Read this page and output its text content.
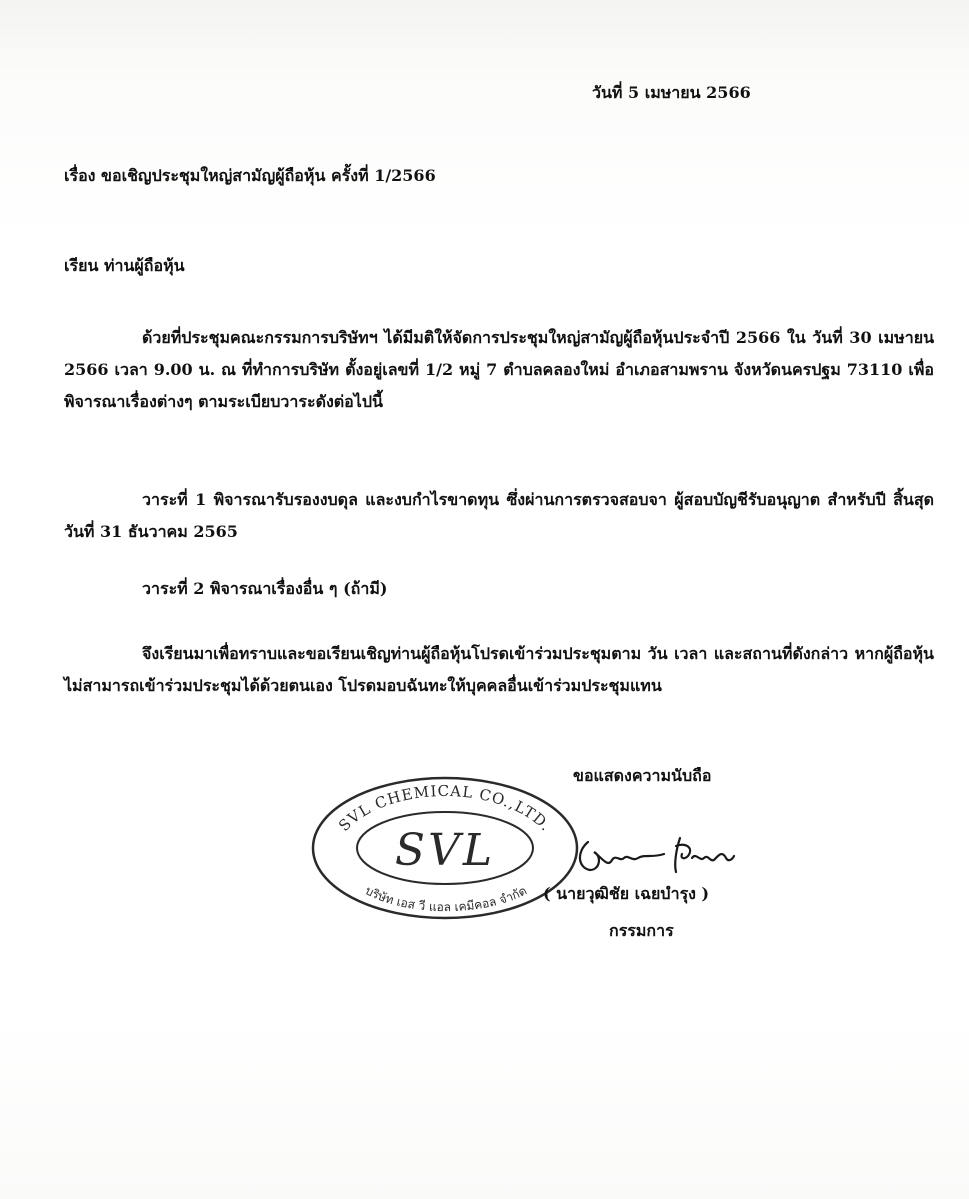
วันที่ 5 เมษายน 2566
เรื่อง ขอเชิญประชุมใหญ่สามัญผู้ถือหุ้น ครั้งที่ 1/2566
เรียน ท่านผู้ถือหุ้น
ด้วยที่ประชุมคณะกรรมการบริษัทฯ ได้มีมติให้จัดการประชุมใหญ่สามัญผู้ถือหุ้นประจำปี 2566 ใน วันที่ 30 เมษายน 2566 เวลา 9.00 น. ณ ที่ทำการบริษัท ตั้งอยู่เลขที่ 1/2 หมู่ 7 ตำบลคลองใหม่ อำเภอสามพราน จังหวัดนครปฐม 73110 เพื่อพิจารณาเรื่องต่างๆ ตามระเบียบวาระดังต่อไปนี้
วาระที่ 1 พิจารณารับรองงบดุล และงบกำไรขาดทุน ซึ่งผ่านการตรวจสอบจา ผู้สอบบัญชีรับอนุญาต สำหรับปี สิ้นสุดวันที่ 31 ธันวาคม 2565
วาระที่ 2 พิจารณาเรื่องอื่น ๆ (ถ้ามี)
จึงเรียนมาเพื่อทราบและขอเรียนเชิญท่านผู้ถือหุ้นโปรดเข้าร่วมประชุมตาม วัน เวลา และสถานที่ดังกล่าว หากผู้ถือหุ้นไม่สามารถเข้าร่วมประชุมได้ด้วยตนเอง โปรดมอบฉันทะให้บุคคลอื่นเข้าร่วมประชุมแทน
ขอแสดงความนับถือ
SVL CHEMICAL CO.,LTD.
SVL
บริษัท เอส วี แอล เคมีคอล จำกัด ( นายวุฒิชัย เฉยบำรุง )
กรรมการ
